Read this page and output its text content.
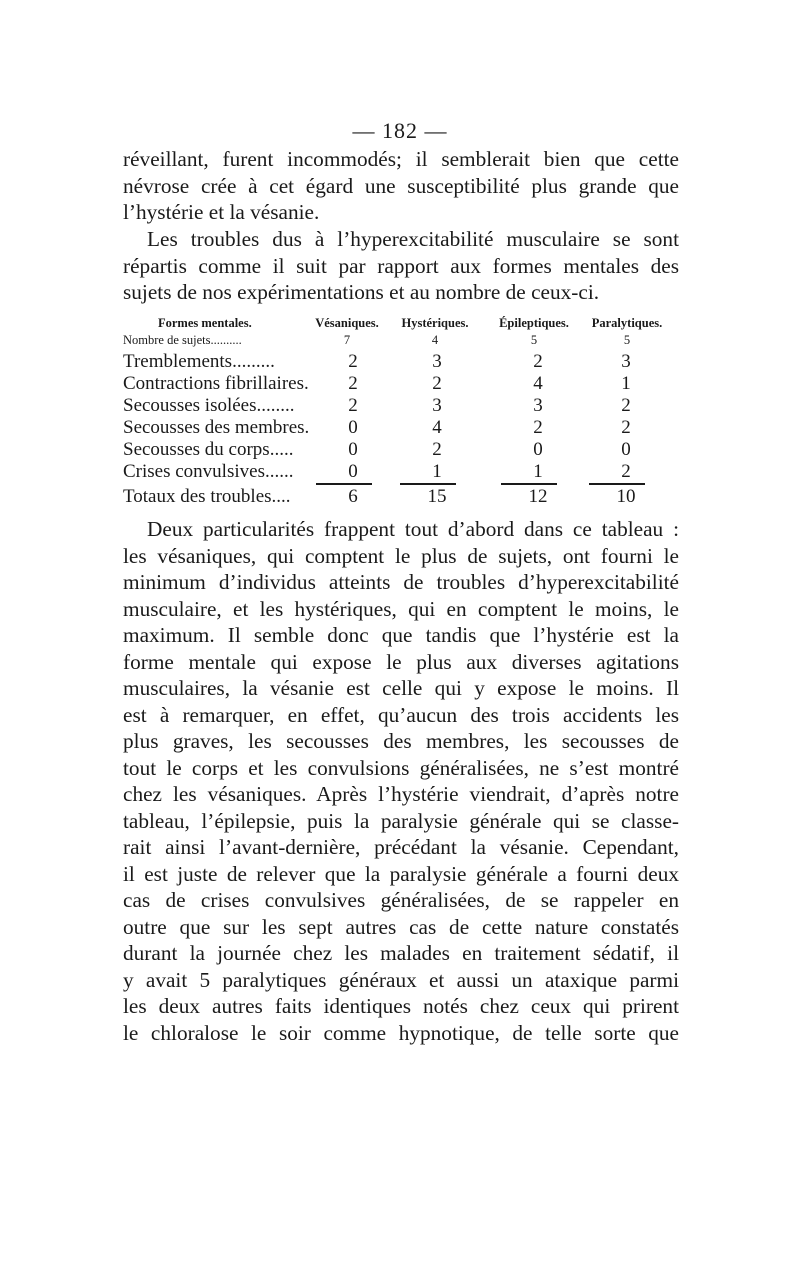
— 182 —
réveillant, furent incommodés; il semblerait bien que cette
névrose crée à cet égard une susceptibilité plus grande que
l’hystérie et la vésanie.
Les troubles dus à l’hyperexcitabilité musculaire se sont
répartis comme il suit par rapport aux formes mentales des
sujets de nos expérimentations et au nombre de ceux-ci.
Formes mentales.	Vésaniques.	Hystériques.	Épileptiques.	Paralytiques.
Nombre de sujets..........	7	4	5	5
Tremblements.........	2	3	2	3
Contractions fibrillaires.	2	2	4	1
Secousses isolées........	2	3	3	2
Secousses des membres.	0	4	2	2
Secousses du corps.....	0	2	0	0
Crises convulsives......	0	1	1	2
Totaux des troubles....	6	15	12	10
Deux particularités frappent tout d’abord dans ce tableau :
les vésaniques, qui comptent le plus de sujets, ont fourni le
minimum d’individus atteints de troubles d’hyperexcitabilité
musculaire, et les hystériques, qui en comptent le moins, le
maximum. Il semble donc que tandis que l’hystérie est la
forme mentale qui expose le plus aux diverses agitations
musculaires, la vésanie est celle qui y expose le moins. Il
est à remarquer, en effet, qu’aucun des trois accidents les
plus graves, les secousses des membres, les secousses de
tout le corps et les convulsions généralisées, ne s’est montré
chez les vésaniques. Après l’hystérie viendrait, d’après notre
tableau, l’épilepsie, puis la paralysie générale qui se classe-
rait ainsi l’avant-dernière, précédant la vésanie. Cependant,
il est juste de relever que la paralysie générale a fourni deux
cas de crises convulsives généralisées, de se rappeler en
outre que sur les sept autres cas de cette nature constatés
durant la journée chez les malades en traitement sédatif, il
y avait 5 paralytiques généraux et aussi un ataxique parmi
les deux autres faits identiques notés chez ceux qui prirent
le chloralose le soir comme hypnotique, de telle sorte que
